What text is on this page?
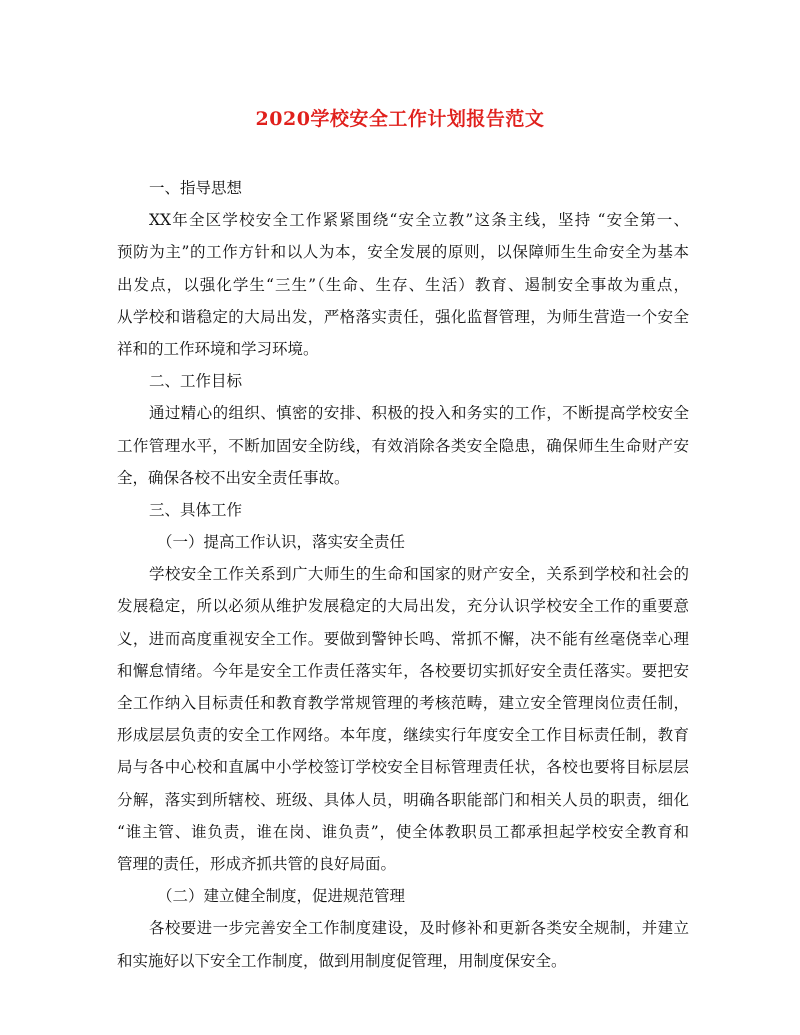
2020学校安全工作计划报告范文
一、指导思想
XX年全区学校安全工作紧紧围绕“安全立教”这条主线，坚持 “安全第一、
预防为主”的工作方针和以人为本，安全发展的原则，以保障师生生命安全为基本
出发点，以强化学生“三生”（生命、生存、生活）教育、遏制安全事故为重点，
从学校和谐稳定的大局出发，严格落实责任，强化监督管理，为师生营造一个安全
祥和的工作环境和学习环境。
二、工作目标
通过精心的组织、慎密的安排、积极的投入和务实的工作，不断提高学校安全
工作管理水平，不断加固安全防线，有效消除各类安全隐患，确保师生生命财产安
全，确保各校不出安全责任事故。
三、具体工作
（一）提高工作认识，落实安全责任
学校安全工作关系到广大师生的生命和国家的财产安全，关系到学校和社会的
发展稳定，所以必须从维护发展稳定的大局出发，充分认识学校安全工作的重要意
义，进而高度重视安全工作。要做到警钟长鸣、常抓不懈，决不能有丝毫侥幸心理
和懈怠情绪。今年是安全工作责任落实年，各校要切实抓好安全责任落实。要把安
全工作纳入目标责任和教育教学常规管理的考核范畴，建立安全管理岗位责任制，
形成层层负责的安全工作网络。本年度，继续实行年度安全工作目标责任制，教育
局与各中心校和直属中小学校签订学校安全目标管理责任状，各校也要将目标层层
分解，落实到所辖校、班级、具体人员，明确各职能部门和相关人员的职责，细化
“谁主管、谁负责，谁在岗、谁负责”，使全体教职员工都承担起学校安全教育和
管理的责任，形成齐抓共管的良好局面。
（二）建立健全制度，促进规范管理
各校要进一步完善安全工作制度建设，及时修补和更新各类安全规制，并建立
和实施好以下安全工作制度，做到用制度促管理，用制度保安全。
